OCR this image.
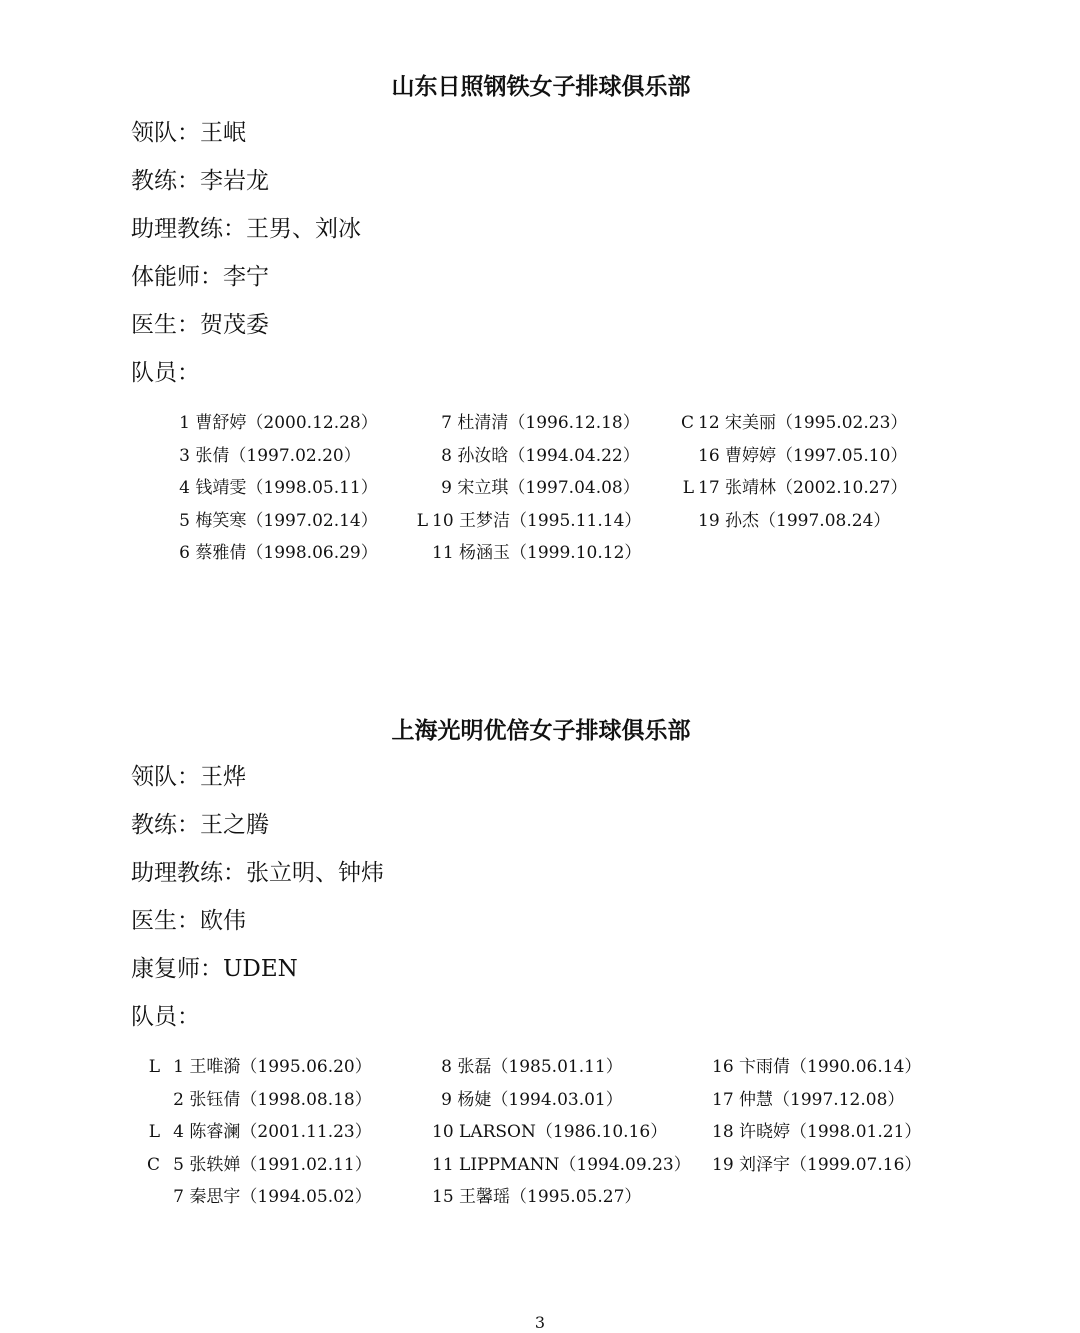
山东日照钢铁女子排球俱乐部
领队：王岷
教练：李岩龙
助理教练：王男、刘冰
体能师：李宁
医生：贺茂委
队员：
1 曹舒婷（2000.12.28）
3 张倩（1997.02.20）
4 钱靖雯（1998.05.11）
5 梅笑寒（1997.02.14）
6 蔡雅倩（1998.06.29）
7 杜清清（1996.12.18）
8 孙汝晗（1994.04.22）
9 宋立琪（1997.04.08）
L 10 王梦洁（1995.11.14）
11 杨涵玉（1999.10.12）
C 12 宋美丽（1995.02.23）
16 曹婷婷（1997.05.10）
L 17 张靖林（2002.10.27）
19 孙杰（1997.08.24）
上海光明优倍女子排球俱乐部
领队：王烨
教练：王之腾
助理教练：张立明、钟炜
医生：欧伟
康复师：UDEN
队员：
L 1 王唯漪（1995.06.20）
2 张钰倩（1998.08.18）
L 4 陈睿澜（2001.11.23）
C 5 张轶婵（1991.02.11）
7 秦思宇（1994.05.02）
8 张磊（1985.01.11）
9 杨婕（1994.03.01）
10 LARSON（1986.10.16）
11 LIPPMANN（1994.09.23）
15 王馨瑶（1995.05.27）
16 卞雨倩（1990.06.14）
17 仲慧（1997.12.08）
18 许晓婷（1998.01.21）
19 刘泽宇（1999.07.16）
3
